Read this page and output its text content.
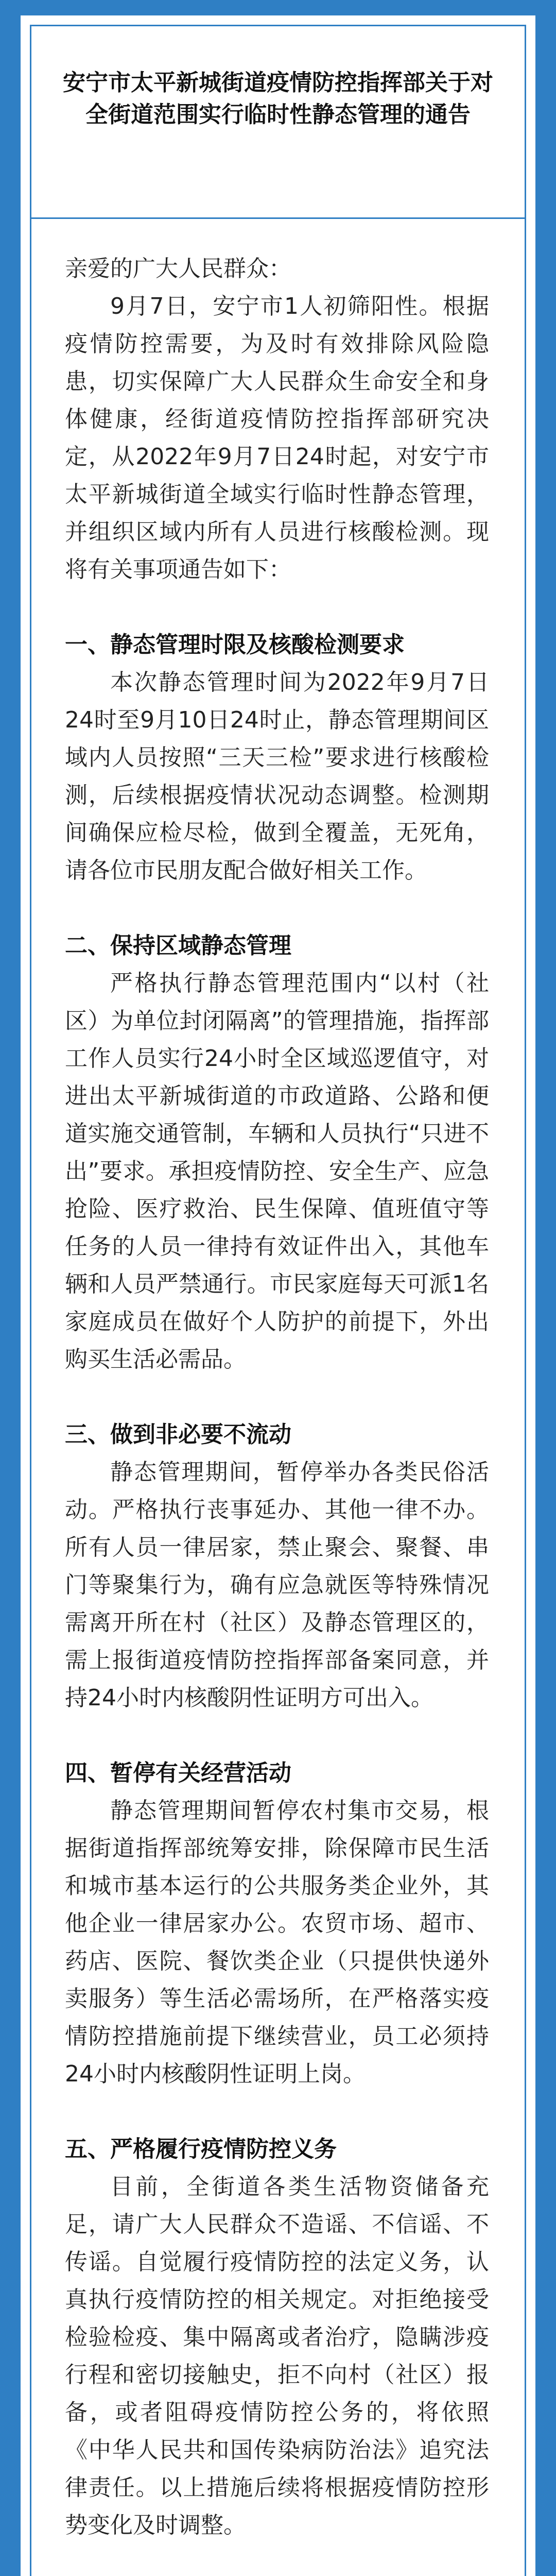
安宁市太平新城街道疫情防控指挥部关于对
全街道范围实行临时性静态管理的通告

亲爱的广大人民群众：

9月7日，安宁市1人初筛阳性。根据疫情防控需要，为及时有效排除风险隐患，切实保障广大人民群众生命安全和身体健康，经街道疫情防控指挥部研究决定，从2022年9月7日24时起，对安宁市太平新城街道全域实行临时性静态管理，并组织区域内所有人员进行核酸检测。现将有关事项通告如下：

一、静态管理时限及核酸检测要求

本次静态管理时间为2022年9月7日24时至9月10日24时止，静态管理期间区域内人员按照“三天三检”要求进行核酸检测，后续根据疫情状况动态调整。检测期间确保应检尽检，做到全覆盖，无死角，请各位市民朋友配合做好相关工作。

二、保持区域静态管理

严格执行静态管理范围内“以村（社区）为单位封闭隔离”的管理措施，指挥部工作人员实行24小时全区域巡逻值守，对进出太平新城街道的市政道路、公路和便道实施交通管制，车辆和人员执行“只进不出”要求。承担疫情防控、安全生产、应急抢险、医疗救治、民生保障、值班值守等任务的人员一律持有效证件出入，其他车辆和人员严禁通行。市民家庭每天可派1名家庭成员在做好个人防护的前提下，外出购买生活必需品。

三、做到非必要不流动

静态管理期间，暂停举办各类民俗活动。严格执行丧事延办、其他一律不办。所有人员一律居家，禁止聚会、聚餐、串门等聚集行为，确有应急就医等特殊情况需离开所在村（社区）及静态管理区的，需上报街道疫情防控指挥部备案同意，并持24小时内核酸阴性证明方可出入。

四、暂停有关经营活动

静态管理期间暂停农村集市交易，根据街道指挥部统筹安排，除保障市民生活和城市基本运行的公共服务类企业外，其他企业一律居家办公。农贸市场、超市、药店、医院、餐饮类企业（只提供快递外卖服务）等生活必需场所，在严格落实疫情防控措施前提下继续营业，员工必须持24小时内核酸阴性证明上岗。

五、严格履行疫情防控义务

目前，全街道各类生活物资储备充足，请广大人民群众不造谣、不信谣、不传谣。自觉履行疫情防控的法定义务，认真执行疫情防控的相关规定。对拒绝接受检验检疫、集中隔离或者治疗，隐瞒涉疫行程和密切接触史，拒不向村（社区）报备，或者阻碍疫情防控公务的，将依照《中华人民共和国传染病防治法》追究法律责任。以上措施后续将根据疫情防控形势变化及时调整。
